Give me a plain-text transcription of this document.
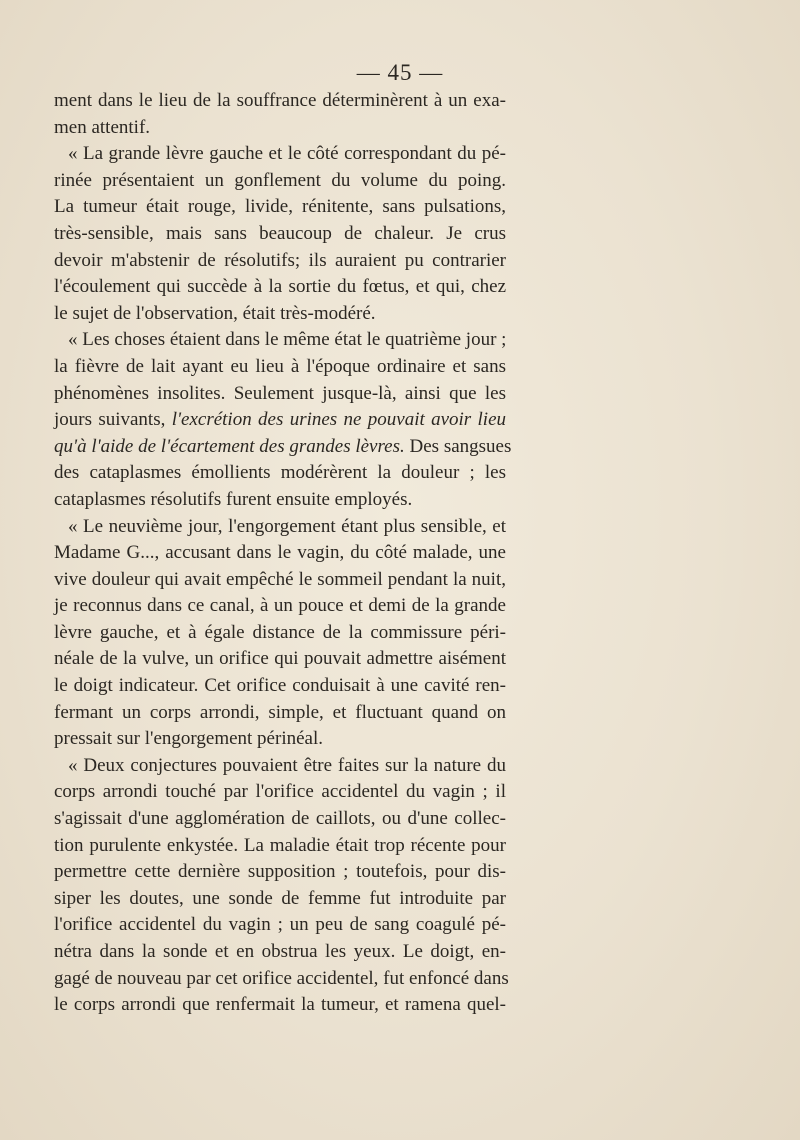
— 45 —
ment dans le lieu de la souffrance déterminèrent à un exa-
men attentif.
« La grande lèvre gauche et le côté correspondant du pé-
rinée présentaient un gonflement du volume du poing.
La tumeur était rouge, livide, rénitente, sans pulsations,
très-sensible, mais sans beaucoup de chaleur. Je crus
devoir m'abstenir de résolutifs; ils auraient pu contrarier
l'écoulement qui succède à la sortie du fœtus, et qui, chez
le sujet de l'observation, était très-modéré.
« Les choses étaient dans le même état le quatrième jour ;
la fièvre de lait ayant eu lieu à l'époque ordinaire et sans
phénomènes insolites. Seulement jusque-là, ainsi que les
jours suivants, l'excrétion des urines ne pouvait avoir lieu
qu'à l'aide de l'écartement des grandes lèvres. Des sangsues
des cataplasmes émollients modérèrent la douleur ; les
cataplasmes résolutifs furent ensuite employés.
« Le neuvième jour, l'engorgement étant plus sensible, et
Madame G..., accusant dans le vagin, du côté malade, une
vive douleur qui avait empêché le sommeil pendant la nuit,
je reconnus dans ce canal, à un pouce et demi de la grande
lèvre gauche, et à égale distance de la commissure péri-
néale de la vulve, un orifice qui pouvait admettre aisément
le doigt indicateur. Cet orifice conduisait à une cavité ren-
fermant un corps arrondi, simple, et fluctuant quand on
pressait sur l'engorgement périnéal.
« Deux conjectures pouvaient être faites sur la nature du
corps arrondi touché par l'orifice accidentel du vagin ; il
s'agissait d'une agglomération de caillots, ou d'une collec-
tion purulente enkystée. La maladie était trop récente pour
permettre cette dernière supposition ; toutefois, pour dis-
siper les doutes, une sonde de femme fut introduite par
l'orifice accidentel du vagin ; un peu de sang coagulé pé-
nétra dans la sonde et en obstrua les yeux. Le doigt, en-
gagé de nouveau par cet orifice accidentel, fut enfoncé dans
le corps arrondi que renfermait la tumeur, et ramena quel-
